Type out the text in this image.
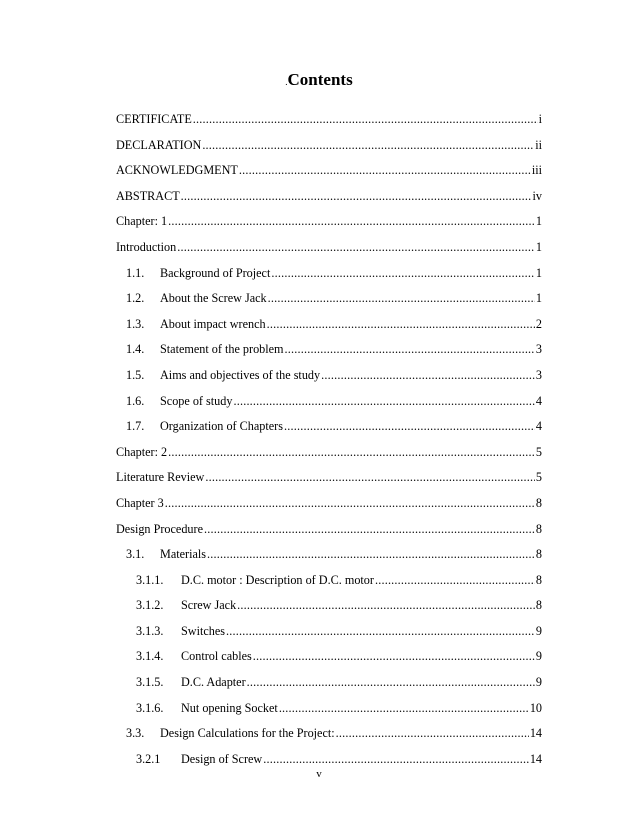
.Contents
CERTIFICATE .....	i
DECLARATION .....	ii
ACKNOWLEDGMENT .....	iii
ABSTRACT .....	iv
Chapter: 1 .....	1
Introduction .....	1
1.1.	Background of Project .....	1
1.2.	About the Screw Jack .....	1
1.3.	About impact wrench .....	2
1.4.	Statement of the problem .....	3
1.5.	Aims and objectives of the study .....	3
1.6.	Scope of study .....	4
1.7.	Organization of Chapters .....	4
Chapter: 2 .....	5
Literature Review .....	5
Chapter 3 .....	8
Design Procedure .....	8
3.1.	Materials .....	8
3.1.1.	D.C. motor : Description of D.C. motor .....	8
3.1.2.	Screw Jack .....	8
3.1.3.	Switches .....	9
3.1.4.	Control cables .....	9
3.1.5.	D.C. Adapter .....	9
3.1.6.	Nut opening Socket .....	10
3.3.	Design Calculations for the Project: .....	14
3.2.1	Design of Screw .....	14
v
